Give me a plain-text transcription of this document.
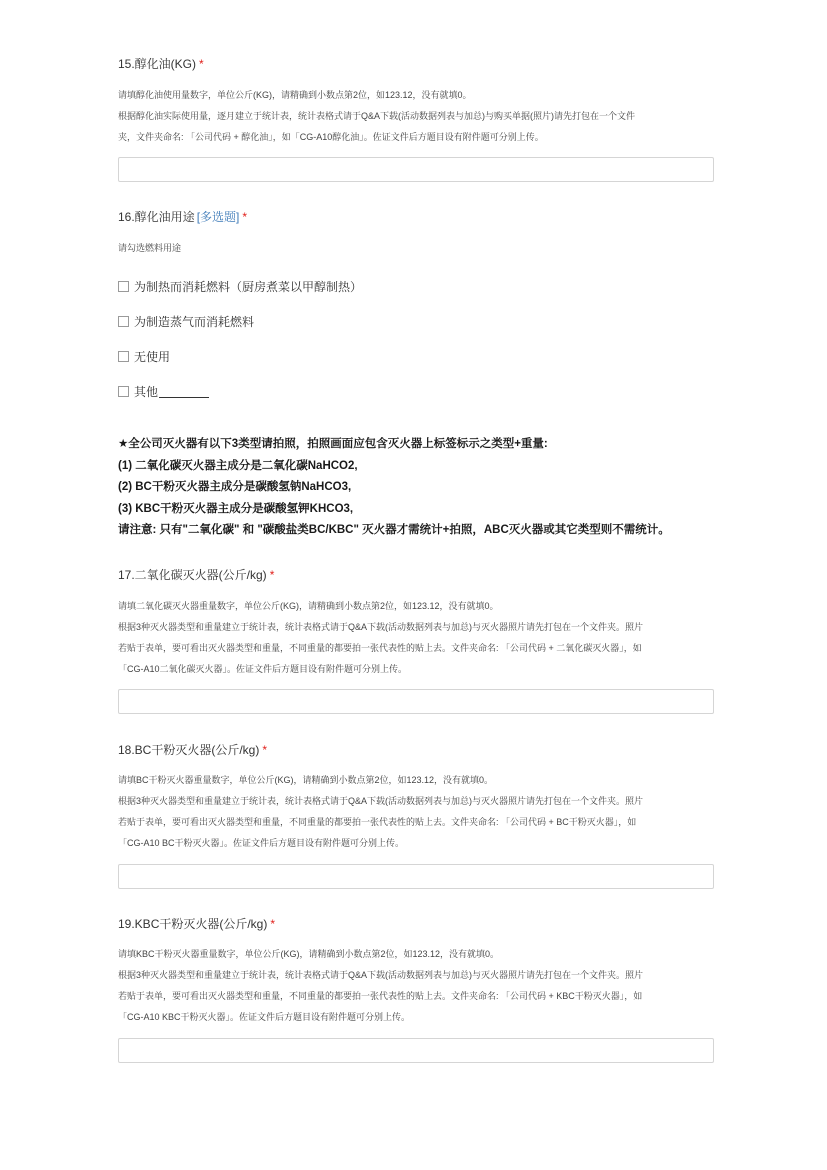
15.醇化油(KG) *

请填醇化油使用量数字，单位公斤(KG)，请精确到小数点第2位，如123.12，没有就填0。

根据醇化油实际使用量，逐月建立于统计表，统计表格式请于Q&A下载(活动数据列表与加总)与购买单据(照片)请先打包在一个文件

夹，文件夹命名: 「公司代码 + 醇化油」，如「CG-A10醇化油」。佐证文件后方题目设有附件题可分别上传。

16.醇化油用途 [多选题] *

请勾选燃料用途

为制热而消耗燃料（厨房煮菜以甲醇制热）
为制造蒸气而消耗燃料
无使用
其他

★全公司灭火器有以下3类型请拍照，拍照画面应包含灭火器上标签标示之类型+重量:

(1) 二氧化碳灭火器主成分是二氧化碳NaHCO2,

(2) BC干粉灭火器主成分是碳酸氢钠NaHCO3,

(3) KBC干粉灭火器主成分是碳酸氢钾KHCO3,

请注意: 只有"二氧化碳" 和 "碳酸盐类BC/KBC" 灭火器才需统计+拍照，ABC灭火器或其它类型则不需统计。

17.二氧化碳灭火器(公斤/kg) *

请填二氧化碳灭火器重量数字，单位公斤(KG)，请精确到小数点第2位，如123.12，没有就填0。

根据3种灭火器类型和重量建立于统计表，统计表格式请于Q&A下载(活动数据列表与加总)与灭火器照片请先打包在一个文件夹。照片

若贴于表单，要可看出灭火器类型和重量，不同重量的都要拍一张代表性的贴上去。文件夹命名: 「公司代码 + 二氧化碳灭火器」，如

「CG-A10二氧化碳灭火器」。佐证文件后方题目设有附件题可分别上传。

18.BC干粉灭火器(公斤/kg) *

请填BC干粉灭火器重量数字，单位公斤(KG)，请精确到小数点第2位，如123.12，没有就填0。

根据3种灭火器类型和重量建立于统计表，统计表格式请于Q&A下载(活动数据列表与加总)与灭火器照片请先打包在一个文件夹。照片

若贴于表单，要可看出灭火器类型和重量，不同重量的都要拍一张代表性的贴上去。文件夹命名: 「公司代码 + BC干粉灭火器」，如

「CG-A10 BC干粉灭火器」。佐证文件后方题目设有附件题可分别上传。

19.KBC干粉灭火器(公斤/kg) *

请填KBC干粉灭火器重量数字，单位公斤(KG)，请精确到小数点第2位，如123.12，没有就填0。

根据3种灭火器类型和重量建立于统计表，统计表格式请于Q&A下载(活动数据列表与加总)与灭火器照片请先打包在一个文件夹。照片

若贴于表单，要可看出灭火器类型和重量，不同重量的都要拍一张代表性的贴上去。文件夹命名: 「公司代码 + KBC干粉灭火器」，如

「CG-A10 KBC干粉灭火器」。佐证文件后方题目设有附件题可分别上传。
